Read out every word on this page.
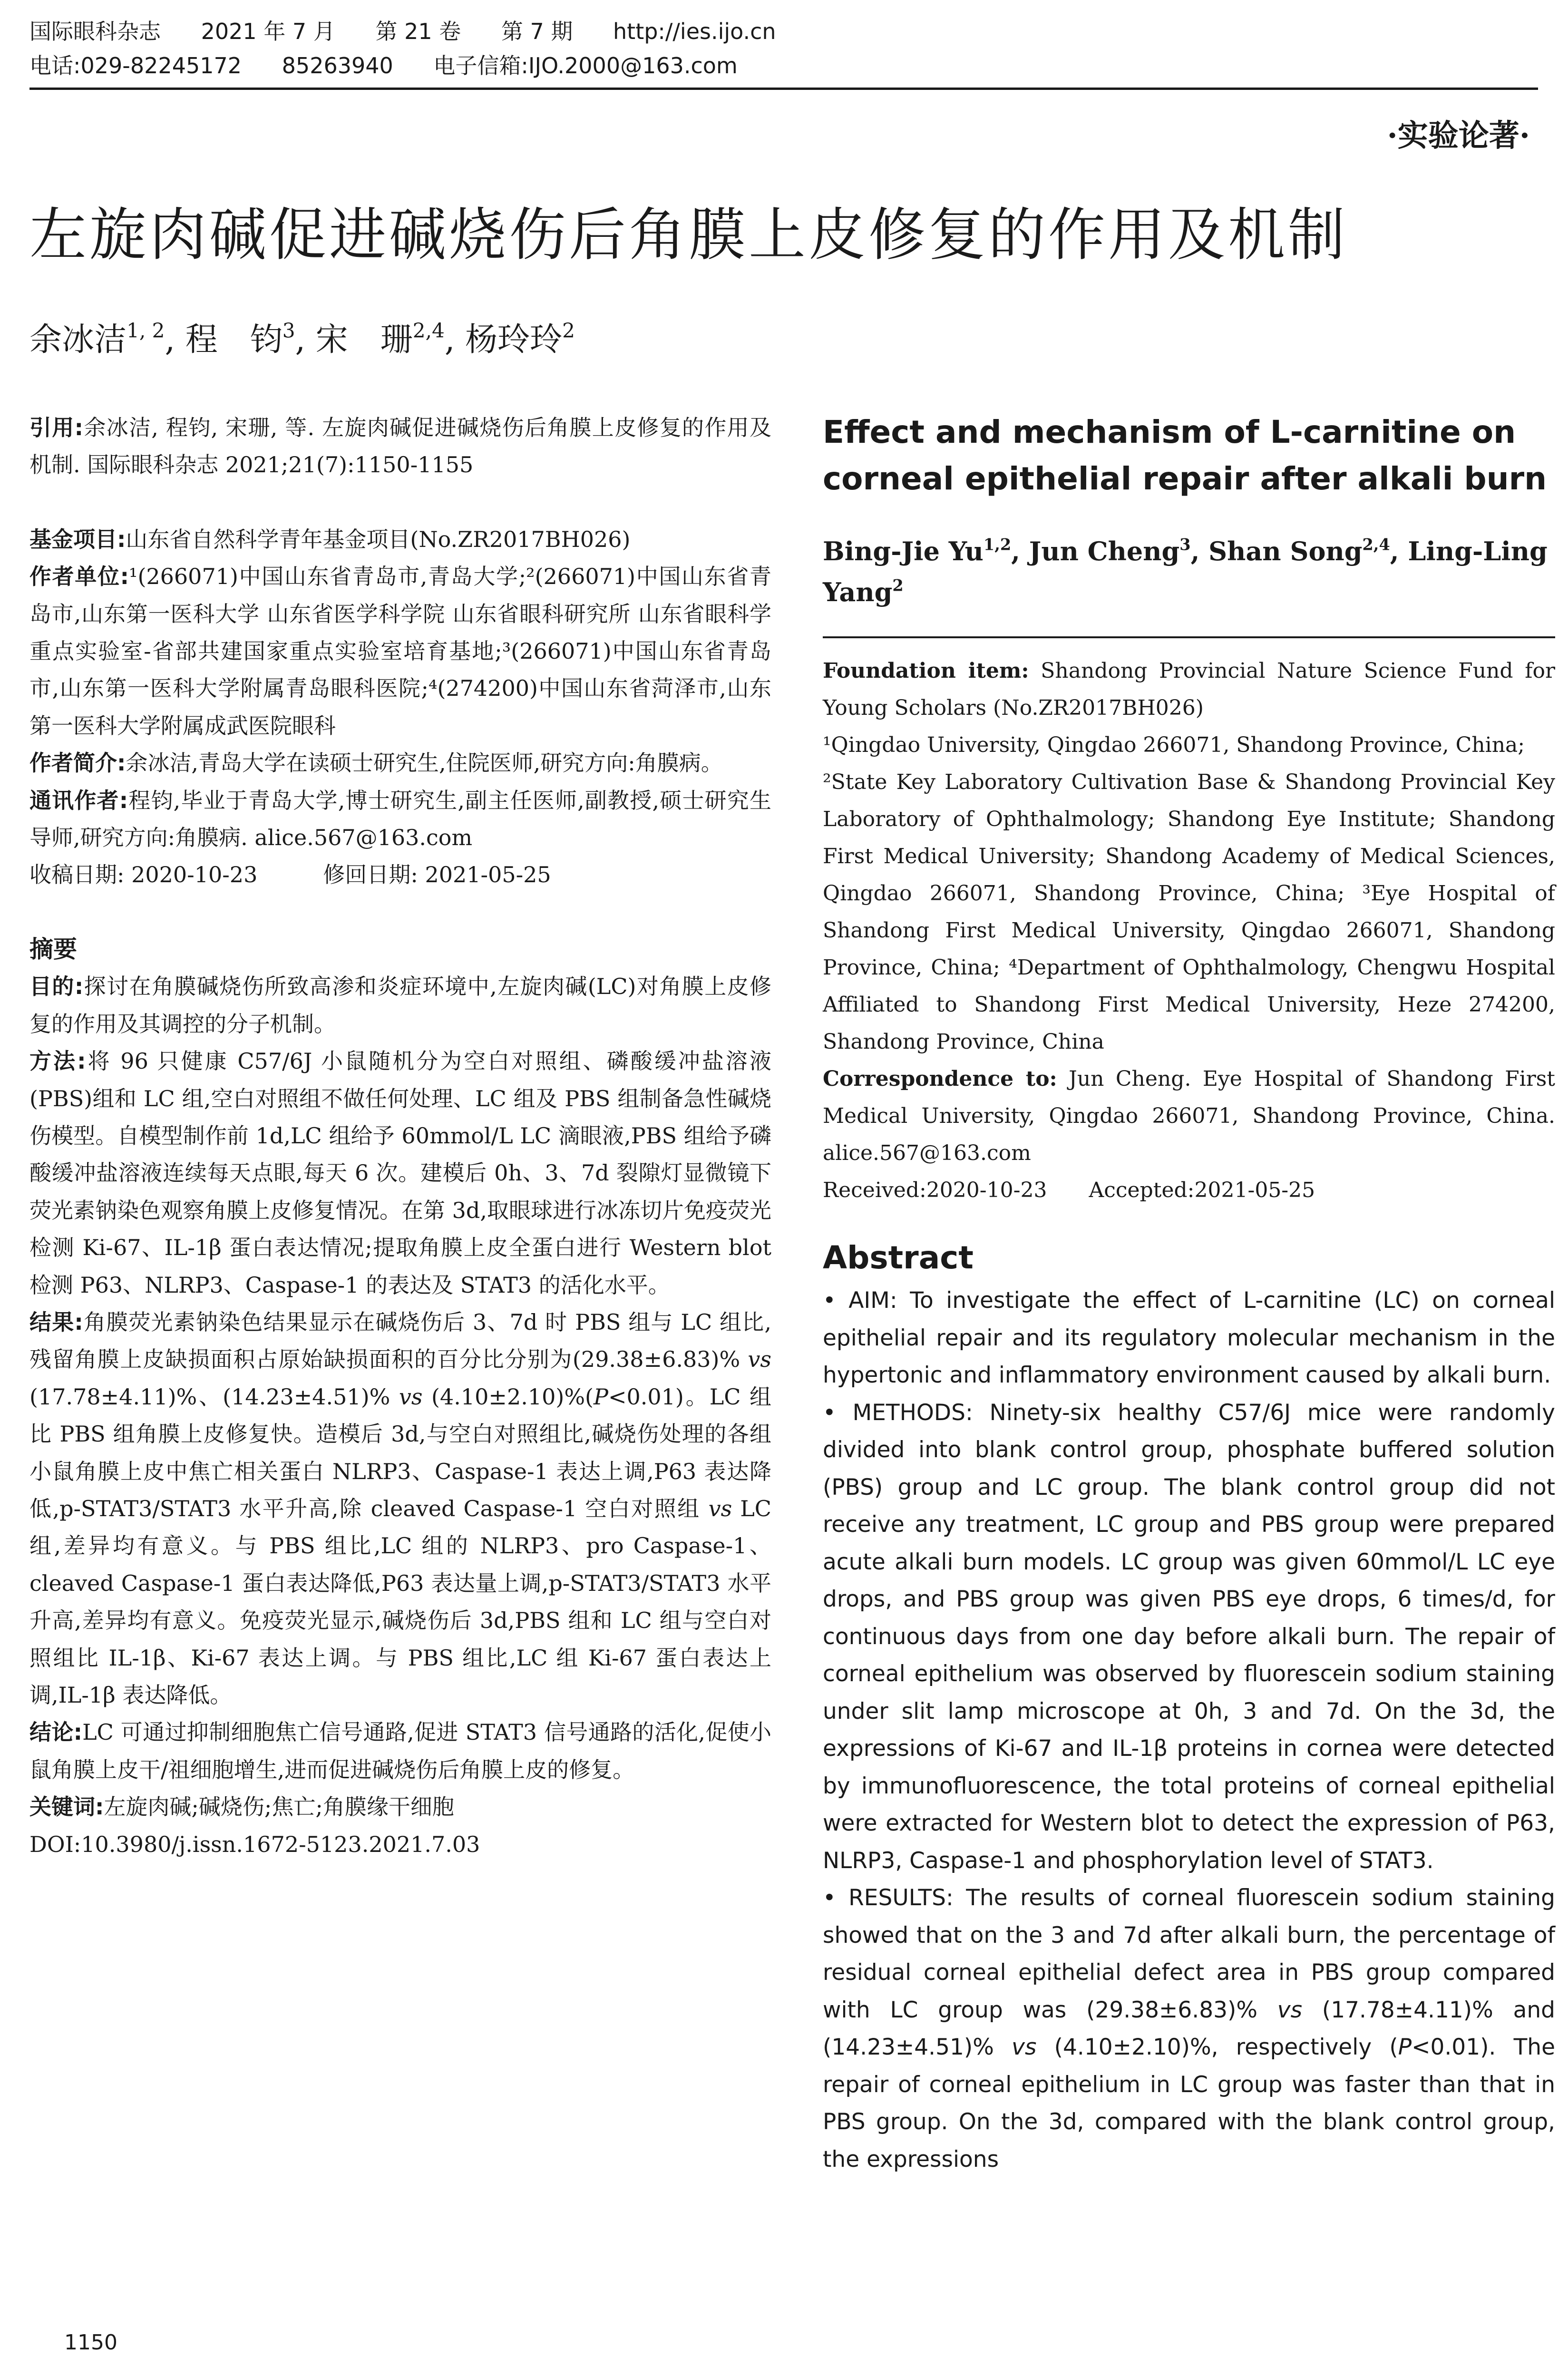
国际眼科杂志 2021 年 7 月 第 21 卷 第 7 期 http://ies.ijo.cn
电话:029-82245172 85263940 电子信箱:IJO.2000@163.com
·实验论著·
左旋肉碱促进碱烧伤后角膜上皮修复的作用及机制
余冰洁$^{1, 2}$, 程　钧$^3$, 宋　珊$^{2,4}$, 杨玲玲$^2$

引用:余冰洁, 程钧, 宋珊, 等. 左旋肉碱促进碱烧伤后角膜上皮修复的作用及机制. 国际眼科杂志 2021;21(7):1150-1155

基金项目:山东省自然科学青年基金项目(No.ZR2017BH026)

作者单位:¹(266071)中国山东省青岛市,青岛大学;²(266071)中国山东省青岛市,山东第一医科大学 山东省医学科学院 山东省眼科研究所 山东省眼科学重点实验室-省部共建国家重点实验室培育基地;³(266071)中国山东省青岛市,山东第一医科大学附属青岛眼科医院;⁴(274200)中国山东省菏泽市,山东第一医科大学附属成武医院眼科

作者简介:余冰洁,青岛大学在读硕士研究生,住院医师,研究方向:角膜病。

通讯作者:程钧,毕业于青岛大学,博士研究生,副主任医师,副教授,硕士研究生导师,研究方向:角膜病. alice.567@163.com

收稿日期: 2020-10-23　　　	修回日期: 2021-05-25

摘要

目的:探讨在角膜碱烧伤所致高渗和炎症环境中,左旋肉碱(LC)对角膜上皮修复的作用及其调控的分子机制。

方法:将 96 只健康 C57/6J 小鼠随机分为空白对照组、磷酸缓冲盐溶液(PBS)组和 LC 组,空白对照组不做任何处理、LC 组及 PBS 组制备急性碱烧伤模型。自模型制作前 1d,LC 组给予 60mmol/L LC 滴眼液,PBS 组给予磷酸缓冲盐溶液连续每天点眼,每天 6 次。建模后 0h、3、7d 裂隙灯显微镜下荧光素钠染色观察角膜上皮修复情况。在第 3d,取眼球进行冰冻切片免疫荧光检测 Ki-67、IL-1β 蛋白表达情况;提取角膜上皮全蛋白进行 Western blot 检测 P63、NLRP3、Caspase-1 的表达及 STAT3 的活化水平。

结果:角膜荧光素钠染色结果显示在碱烧伤后 3、7d 时 PBS 组与 LC 组比,残留角膜上皮缺损面积占原始缺损面积的百分比分别为(29.38±6.83)% vs (17.78±4.11)%、(14.23±4.51)% vs (4.10±2.10)%(P<0.01)。LC 组比 PBS 组角膜上皮修复快。造模后 3d,与空白对照组比,碱烧伤处理的各组小鼠角膜上皮中焦亡相关蛋白 NLRP3、Caspase-1 表达上调,P63 表达降低,p-STAT3/STAT3 水平升高,除 cleaved Caspase-1 空白对照组 vs LC 组,差异均有意义。与 PBS 组比,LC 组的 NLRP3、pro Caspase-1、cleaved Caspase-1 蛋白表达降低,P63 表达量上调,p-STAT3/STAT3 水平升高,差异均有意义。免疫荧光显示,碱烧伤后 3d,PBS 组和 LC 组与空白对照组比 IL-1β、Ki-67 表达上调。与 PBS 组比,LC 组 Ki-67 蛋白表达上调,IL-1β 表达降低。

结论:LC 可通过抑制细胞焦亡信号通路,促进 STAT3 信号通路的活化,促使小鼠角膜上皮干/祖细胞增生,进而促进碱烧伤后角膜上皮的修复。

关键词:左旋肉碱;碱烧伤;焦亡;角膜缘干细胞

DOI:10.3980/j.issn.1672-5123.2021.7.03

Effect and mechanism of L-carnitine on corneal epithelial repair after alkali burn

Bing-Jie Yu$^{1,2}$, Jun Cheng$^3$, Shan Song$^{2,4}$, Ling-Ling Yang$^2$

Foundation item: Shandong Provincial Nature Science Fund for Young Scholars (No.ZR2017BH026)

¹Qingdao University, Qingdao 266071, Shandong Province, China;

²State Key Laboratory Cultivation Base & Shandong Provincial Key Laboratory of Ophthalmology; Shandong Eye Institute; Shandong First Medical University; Shandong Academy of Medical Sciences, Qingdao 266071, Shandong Province, China; ³Eye Hospital of Shandong First Medical University, Qingdao 266071, Shandong Province, China; ⁴Department of Ophthalmology, Chengwu Hospital Affiliated to Shandong First Medical University, Heze 274200, Shandong Province, China

Correspondence to: Jun Cheng. Eye Hospital of Shandong First Medical University, Qingdao 266071, Shandong Province, China. alice.567@163.com

Received:2020-10-23　　 Accepted:2021-05-25

Abstract

• AIM: To investigate the effect of L-carnitine (LC) on corneal epithelial repair and its regulatory molecular mechanism in the hypertonic and inflammatory environment caused by alkali burn.

• METHODS: Ninety-six healthy C57/6J mice were randomly divided into blank control group, phosphate buffered solution (PBS) group and LC group. The blank control group did not receive any treatment, LC group and PBS group were prepared acute alkali burn models. LC group was given 60mmol/L LC eye drops, and PBS group was given PBS eye drops, 6 times/d, for continuous days from one day before alkali burn. The repair of corneal epithelium was observed by fluorescein sodium staining under slit lamp microscope at 0h, 3 and 7d. On the 3d, the expressions of Ki-67 and IL-1β proteins in cornea were detected by immunofluorescence, the total proteins of corneal epithelial were extracted for Western blot to detect the expression of P63, NLRP3, Caspase-1 and phosphorylation level of STAT3.

• RESULTS: The results of corneal fluorescein sodium staining showed that on the 3 and 7d after alkali burn, the percentage of residual corneal epithelial defect area in PBS group compared with LC group was (29.38±6.83)% vs (17.78±4.11)% and (14.23±4.51)% vs (4.10±2.10)%, respectively (P<0.01). The repair of corneal epithelium in LC group was faster than that in PBS group. On the 3d, compared with the blank control group, the expressions

1150
